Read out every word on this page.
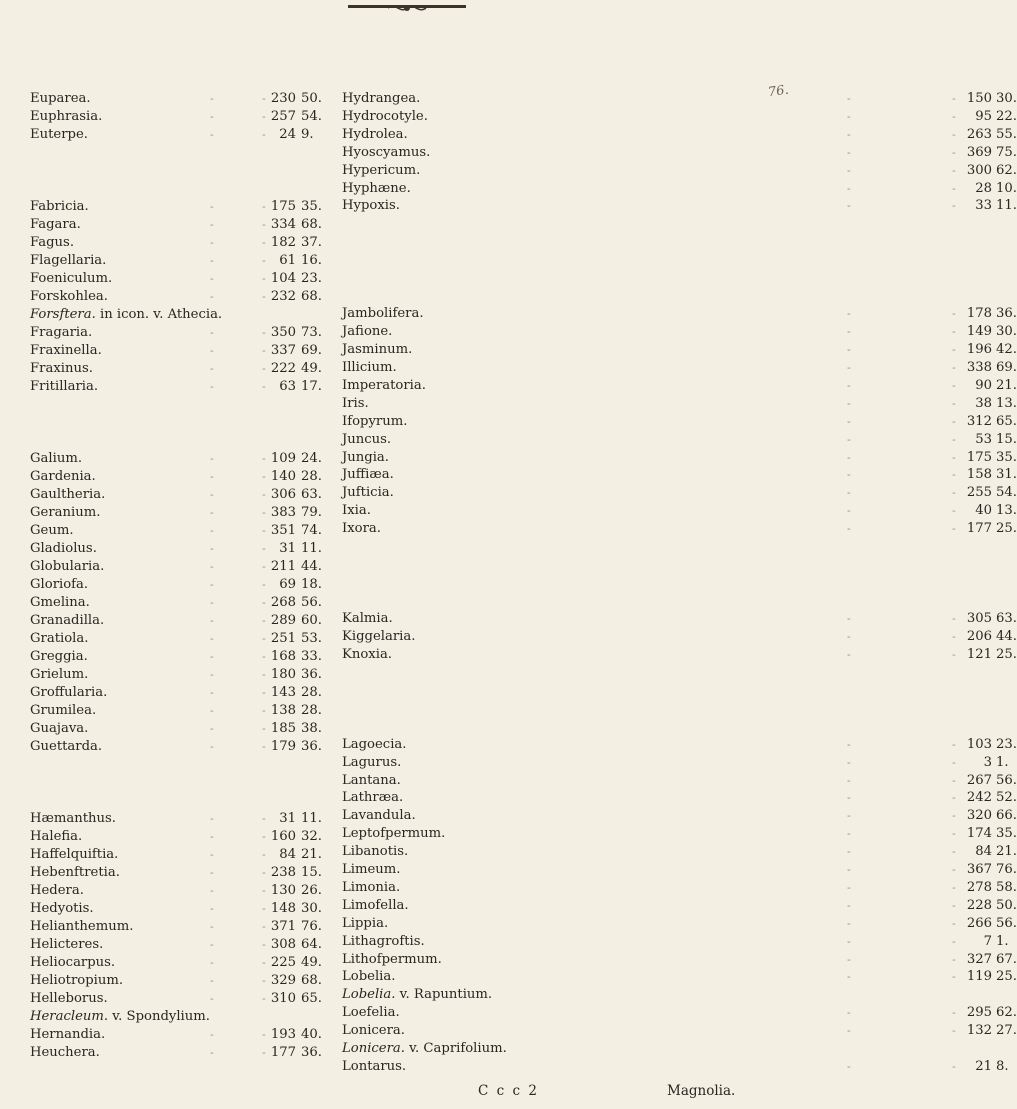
Euparea.	-	- 230 50.
Euphrasia.	-	- 257 54.
Euterpe.	-	-	24 9.
Fabricia.	-	- 175 35.
Fagara.	-	- 334 68.
Fagus.	-	- 182 37.
Flagellaria.	-	-	61 16.
Foeniculum.	-	- 104 23.
Forskohlea.	-	- 232 68.
Forsftera. in icon. v. Athecia.
Fragaria.	-	- 350 73.
Fraxinella.	-	- 337 69.
Fraxinus.	-	- 222 49.
Fritillaria.	-	-	63 17.
Galium.	-	- 109 24.
Gardenia.	-	- 140 28.
Gaultheria.	-	- 306 63.
Geranium.	-	- 383 79.
Geum.	-	- 351 74.
Gladiolus.	-	-	31 11.
Globularia.	-	- 211 44.
Gloriofa.	-	-	69 18.
Gmelina.	-	- 268 56.
Granadilla.	-	- 289 60.
Gratiola.	-	- 251 53.
Greggia.	-	- 168 33.
Grielum.	-	- 180 36.
Groffularia.	-	- 143 28.
Grumilea.	-	- 138 28.
Guajava.	-	- 185 38.
Guettarda.	-	- 179 36.
Hæmanthus.	-	-	31 11.
Halefia.	-	- 160 32.
Haffelquiftia.	-	-	84 21.
Hebenftretia.	-	- 238 15.
Hedera.	-	- 130 26.
Hedyotis.	-	- 148 30.
Helianthemum.	-	- 371 76.
Helicteres.	-	- 308 64.
Heliocarpus.	-	- 225 49.
Heliotropium.	-	- 329 68.
Helleborus.	-	- 310 65.
Heracleum. v. Spondylium.
Hernandia.	-	- 193 40.
Heuchera.	-	- 177 36.
Hydrangea.	-	- 150 30.
Hydrocotyle.	-	-	95 22.
Hydrolea.	-	- 263 55.
Hyoscyamus.	-	- 369 75.
Hypericum.	-	- 300 62.
Hyphæne.	-	-	28 10.
Hypoxis.	-	-	33 11.
Jambolifera.	-	- 178 36.
Jafione.	-	- 149 30.
Jasminum.	-	- 196 42.
Illicium.	-	- 338 69.
Imperatoria.	-	-	90 21.
Iris.	-	-	38 13.
Ifopyrum.	-	- 312 65.
Juncus.	-	-	53 15.
Jungia.	-	- 175 35.
Juffiæa.	-	- 158 31.
Jufticia.	-	- 255 54.
Ixia.	-	-	40 13.
Ixora.	-	- 177 25.
Kalmia.	-	- 305 63.
Kiggelaria.	-	- 206 44.
Knoxia.	-	- 121 25.
Lagoecia.	-	- 103 23.
Lagurus.	-	-	3 1.
Lantana.	-	- 267 56.
Lathræa.	-	- 242 52.
Lavandula.	-	- 320 66.
Leptofpermum.	-	- 174 35.
Libanotis.	-	-	84 21.
Limeum.	-	- 367 76.
Limonia.	-	- 278 58.
Limofella.	-	- 228 50.
Lippia.	-	- 266 56.
Lithagroftis.	-	-	7 1.
Lithofpermum.	-	- 327 67.
Lobelia.	-	- 119 25.
Lobelia. v. Rapuntium.
Loefelia.	-	- 295 62.
Lonicera.	-	- 132 27.
Lonicera. v. Caprifolium.
Lontarus.	-	-	21 8.
76.
C c c 2	Magnolia.
